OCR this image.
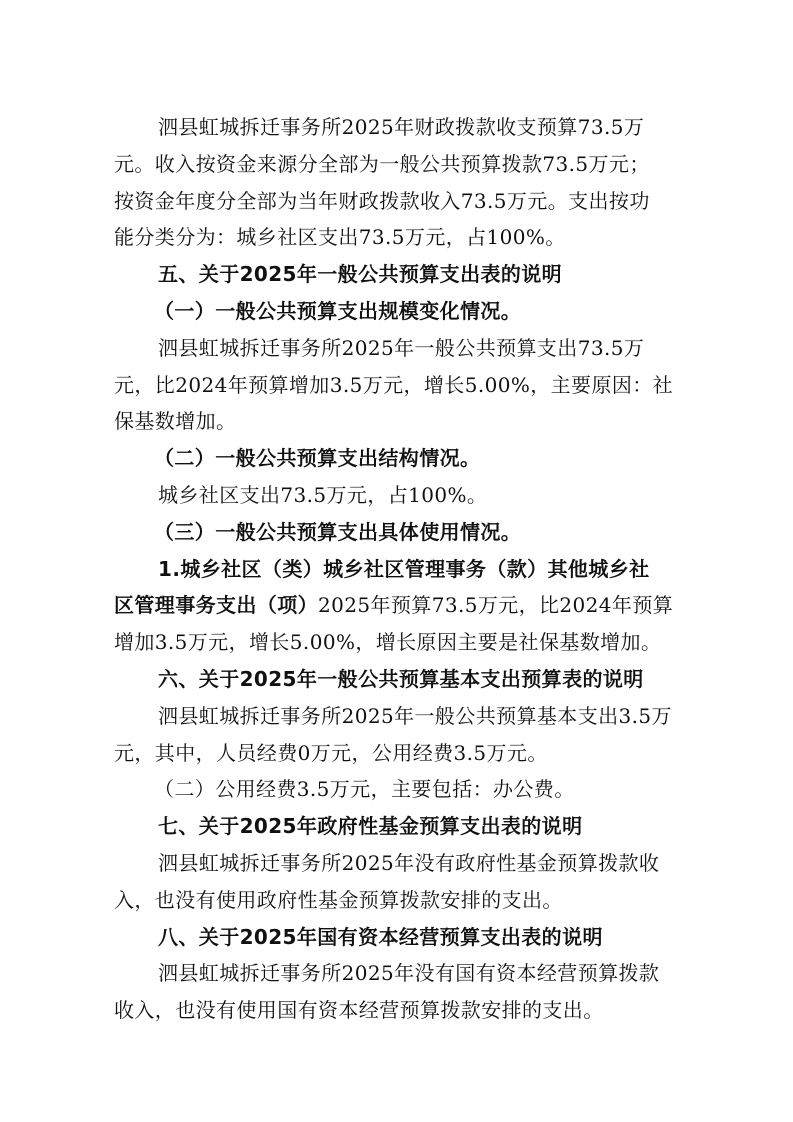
泗县虹城拆迁事务所2025年财政拨款收支预算73.5万
元。收入按资金来源分全部为一般公共预算拨款73.5万元；
按资金年度分全部为当年财政拨款收入73.5万元。支出按功
能分类分为：城乡社区支出73.5万元，占100%。
五、关于2025年一般公共预算支出表的说明
（一）一般公共预算支出规模变化情况。
泗县虹城拆迁事务所2025年一般公共预算支出73.5万
元，比2024年预算增加3.5万元，增长5.00%，主要原因：社
保基数增加。
（二）一般公共预算支出结构情况。
城乡社区支出73.5万元，占100%。
（三）一般公共预算支出具体使用情况。
1.城乡社区（类）城乡社区管理事务（款）其他城乡社
区管理事务支出（项）2025年预算73.5万元，比2024年预算
增加3.5万元，增长5.00%，增长原因主要是社保基数增加。
六、关于2025年一般公共预算基本支出预算表的说明
泗县虹城拆迁事务所2025年一般公共预算基本支出3.5万
元，其中，人员经费0万元，公用经费3.5万元。
（二）公用经费3.5万元，主要包括：办公费。
七、关于2025年政府性基金预算支出表的说明
泗县虹城拆迁事务所2025年没有政府性基金预算拨款收
入，也没有使用政府性基金预算拨款安排的支出。
八、关于2025年国有资本经营预算支出表的说明
泗县虹城拆迁事务所2025年没有国有资本经营预算拨款
收入，也没有使用国有资本经营预算拨款安排的支出。
